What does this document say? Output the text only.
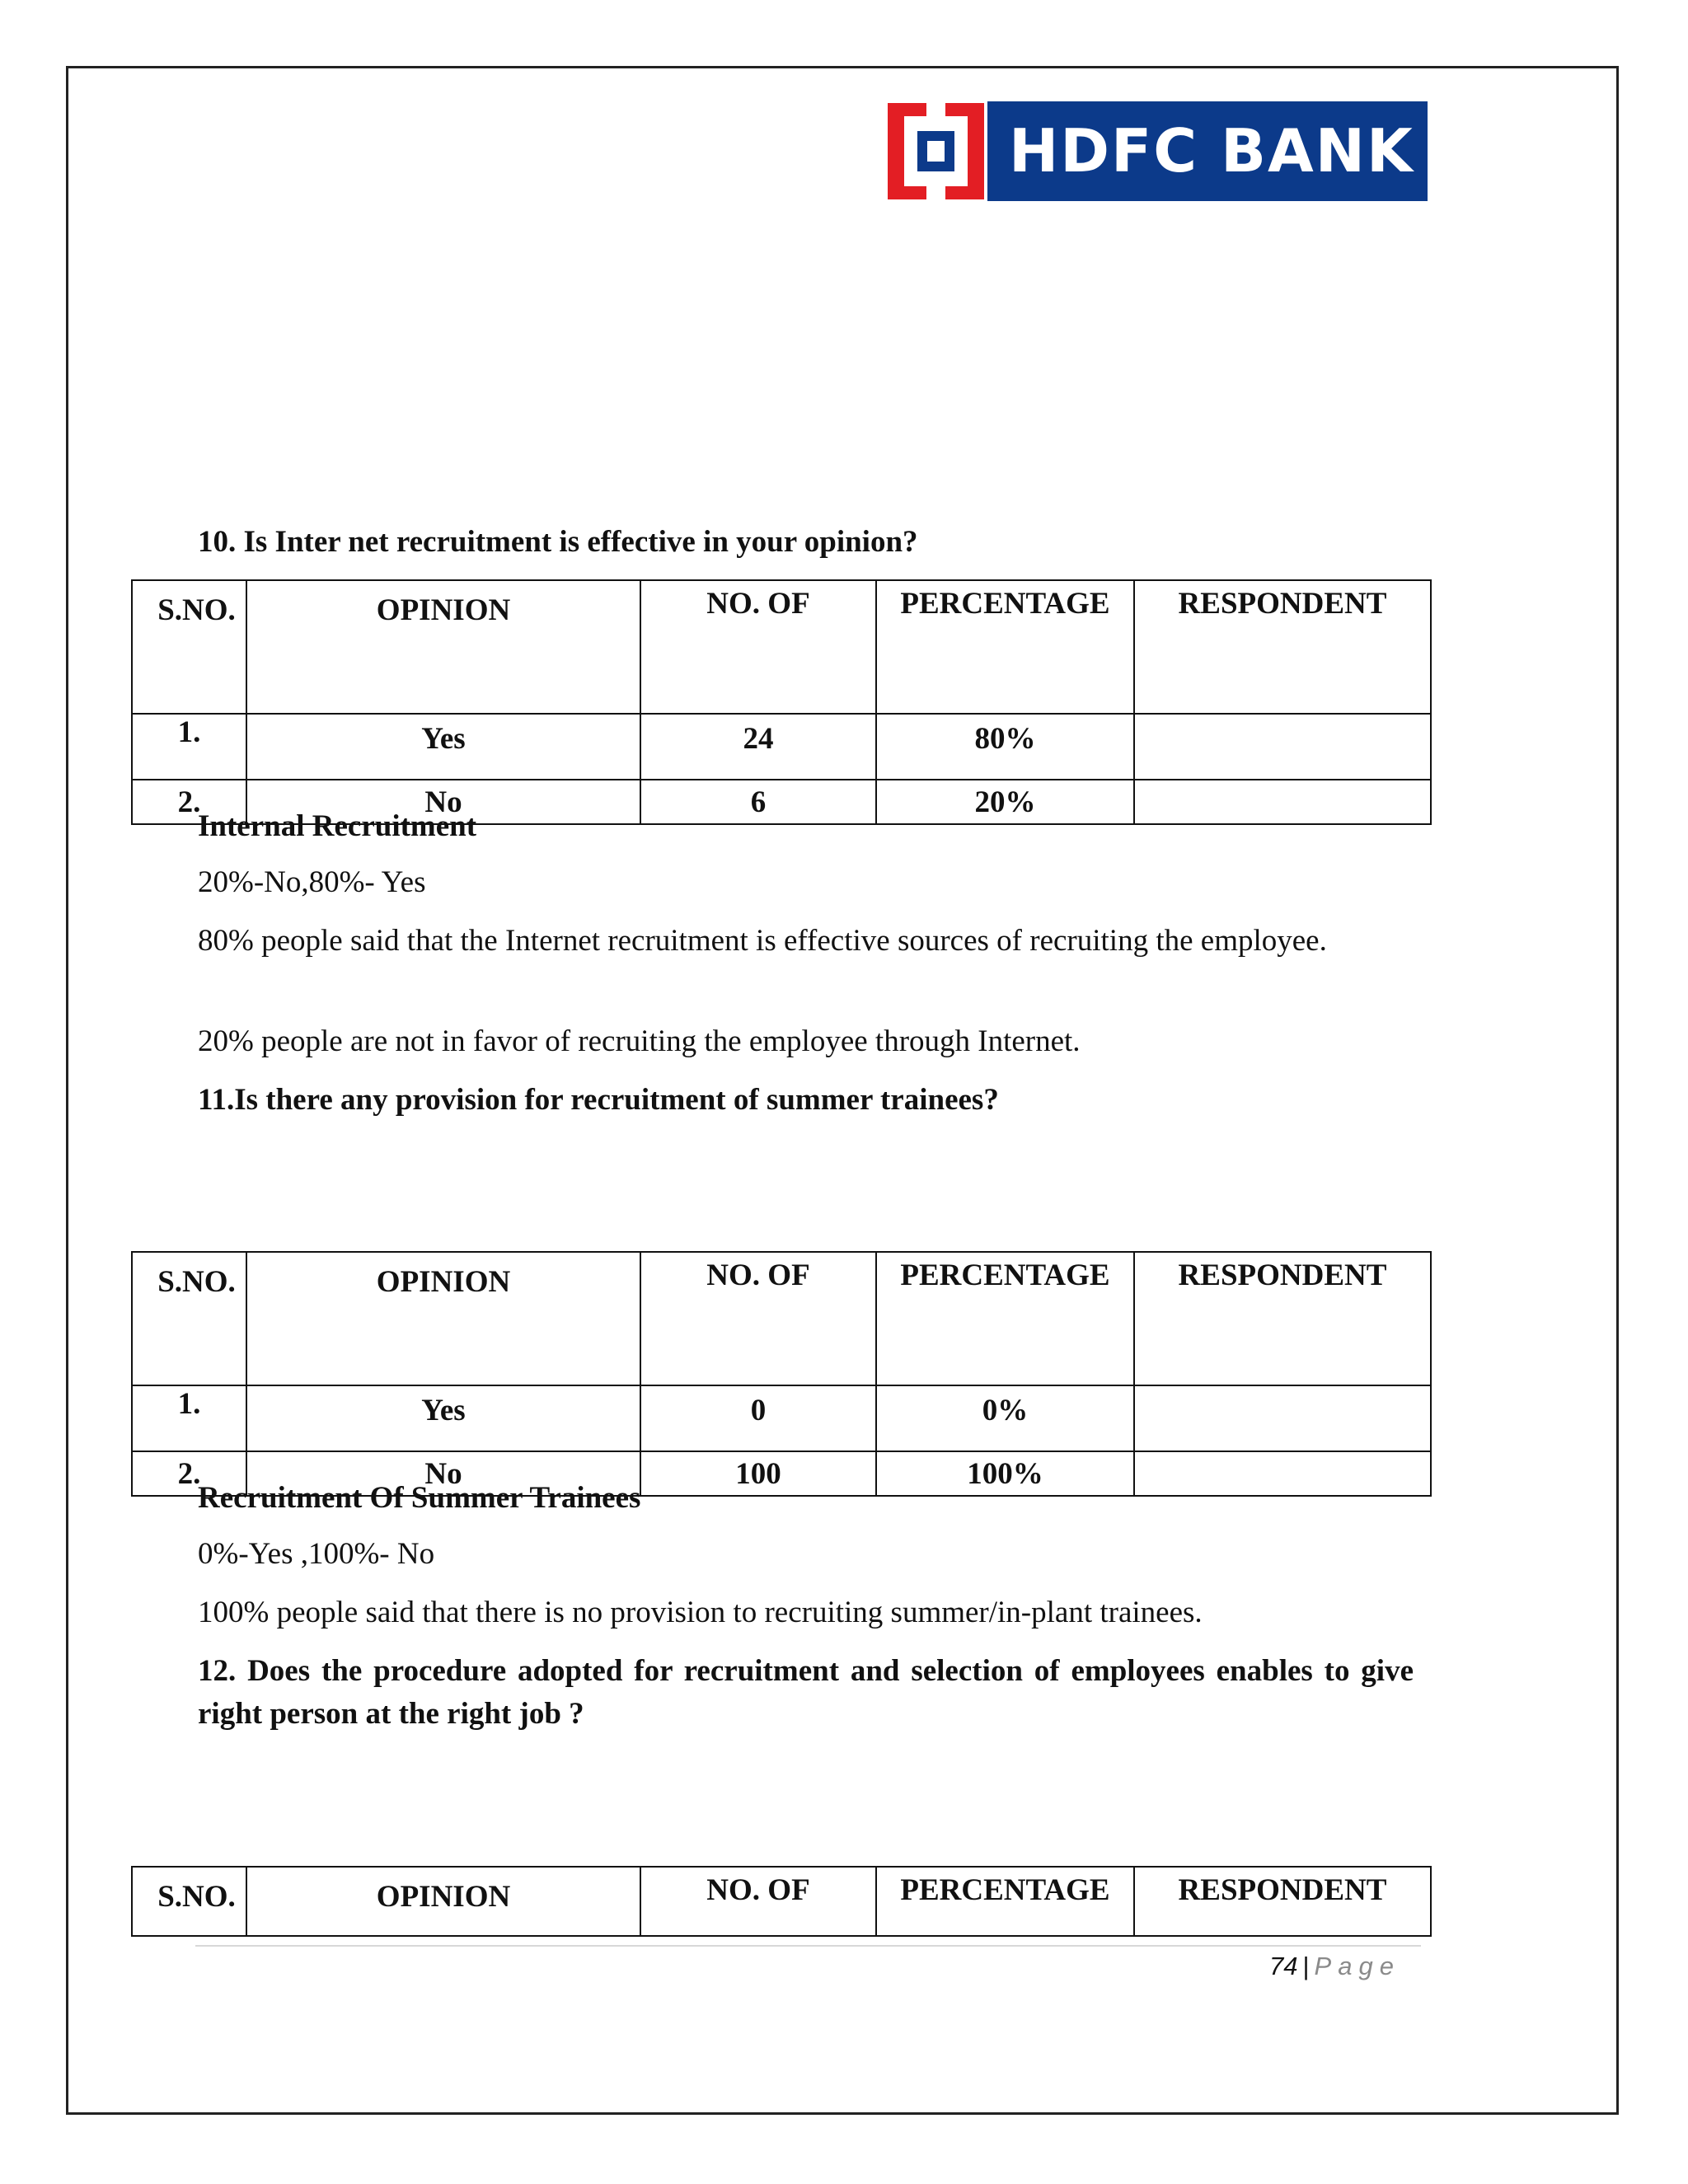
HDFC BANK
10. Is Inter net recruitment is effective in your opinion?
S.NO.	OPINION	NO. OF	PERCENTAGE	RESPONDENT
1.	Yes	24	80%	
2.	No	6	20%	
Internal Recruitment
20%-No,80%- Yes
80% people said that the Internet recruitment is effective sources of recruiting the employee.
20% people are not in favor of recruiting the employee through Internet.
11.Is there any provision for recruitment of summer trainees?
S.NO.	OPINION	NO. OF	PERCENTAGE	RESPONDENT
1.	Yes	0	0%	
2.	No	100	100%	
Recruitment Of Summer Trainees
0%-Yes ,100%- No
100% people said that there is no provision to recruiting summer/in-plant trainees.
12. Does the procedure adopted for recruitment and selection of employees enables to give right person at the right job ?
S.NO.	OPINION	NO. OF	PERCENTAGE	RESPONDENT
74 | Page
